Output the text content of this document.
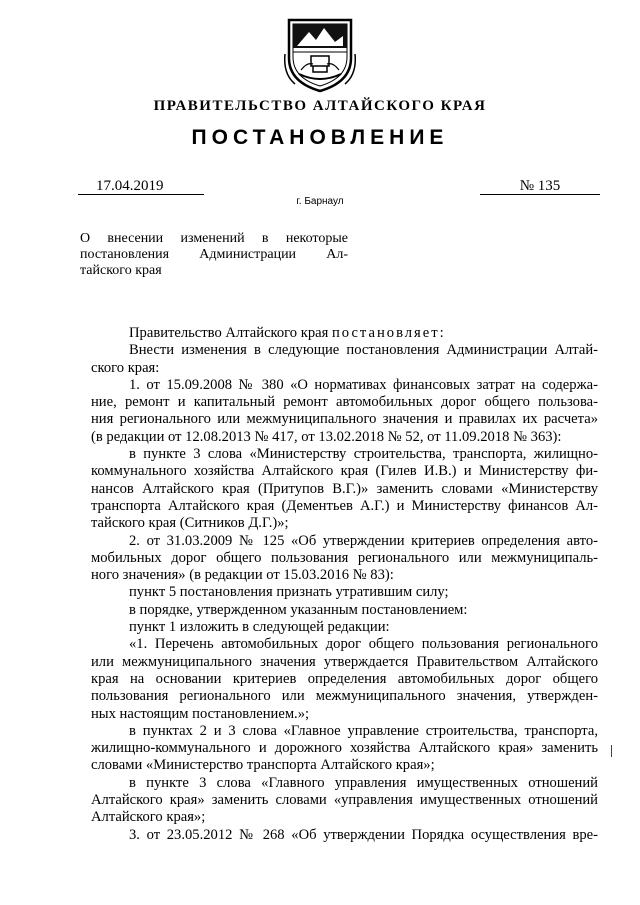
ПРАВИТЕЛЬСТВО АЛТАЙСКОГО КРАЯ
ПОСТАНОВЛЕНИЕ
17.04.2019	№ 135
г. Барнаул
О внесении изменений в некоторые
постановления Администрации Ал-
тайского края
Правительство Алтайского края постановляет:
Внести изменения в следующие постановления Администрации Алтай-
ского края:
1. от 15.09.2008 № 380 «О нормативах финансовых затрат на содержа-
ние, ремонт и капитальный ремонт автомобильных дорог общего пользова-
ния регионального или межмуниципального значения и правилах их расчета»
(в редакции от 12.08.2013 № 417, от 13.02.2018 № 52, от 11.09.2018 № 363):
в пункте 3 слова «Министерству строительства, транспорта, жилищно-
коммунального хозяйства Алтайского края (Гилев И.В.) и Министерству фи-
нансов Алтайского края (Притупов В.Г.)» заменить словами «Министерству
транспорта Алтайского края (Дементьев А.Г.) и Министерству финансов Ал-
тайского края (Ситников Д.Г.)»;
2. от 31.03.2009 № 125 «Об утверждении критериев определения авто-
мобильных дорог общего пользования регионального или межмуниципаль-
ного значения» (в редакции от 15.03.2016 № 83):
пункт 5 постановления признать утратившим силу;
в порядке, утвержденном указанным постановлением:
пункт 1 изложить в следующей редакции:
«1. Перечень автомобильных дорог общего пользования регионального
или межмуниципального значения утверждается Правительством Алтайского
края на основании критериев определения автомобильных дорог общего
пользования регионального или межмуниципального значения, утвержден-
ных настоящим постановлением.»;
в пунктах 2 и 3 слова «Главное управление строительства, транспорта,
жилищно-коммунального и дорожного хозяйства Алтайского края» заменить
словами «Министерство транспорта Алтайского края»;
в пункте 3 слова «Главного управления имущественных отношений
Алтайского края» заменить словами «управления имущественных отношений
Алтайского края»;
3. от 23.05.2012 № 268 «Об утверждении Порядка осуществления вре-
